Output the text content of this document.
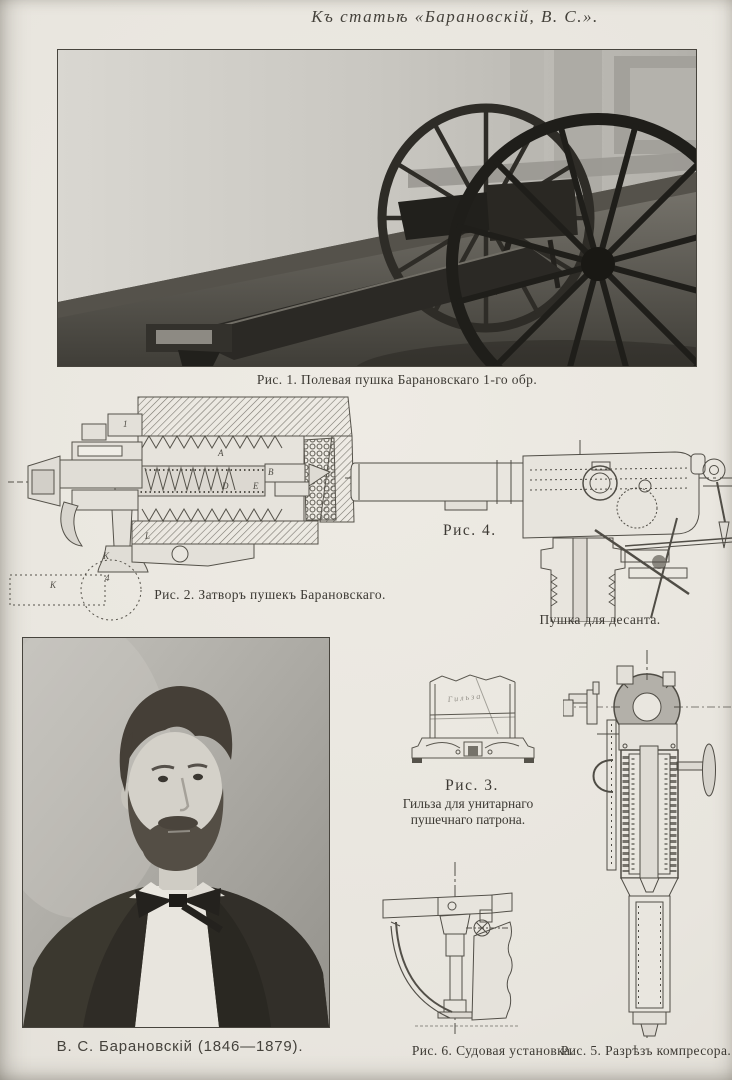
Къ статьѣ «Барановскій, В. С.».
Рис. 1. Полевая пушка Барановскаго 1-го обр.
1
А
В
D	Е
L
К
К
4
Рис. 2. Затворъ пушекъ Барановскаго.
Рис. 4.
Пушка для десанта.
В. С. Барановскій (1846—1879).
Гильза
Рис. 3.
Гильза для унитарнаго
пушечнаго патрона.
Рис. 6. Судовая установка.
Рис. 5. Разрѣзъ компресора.
